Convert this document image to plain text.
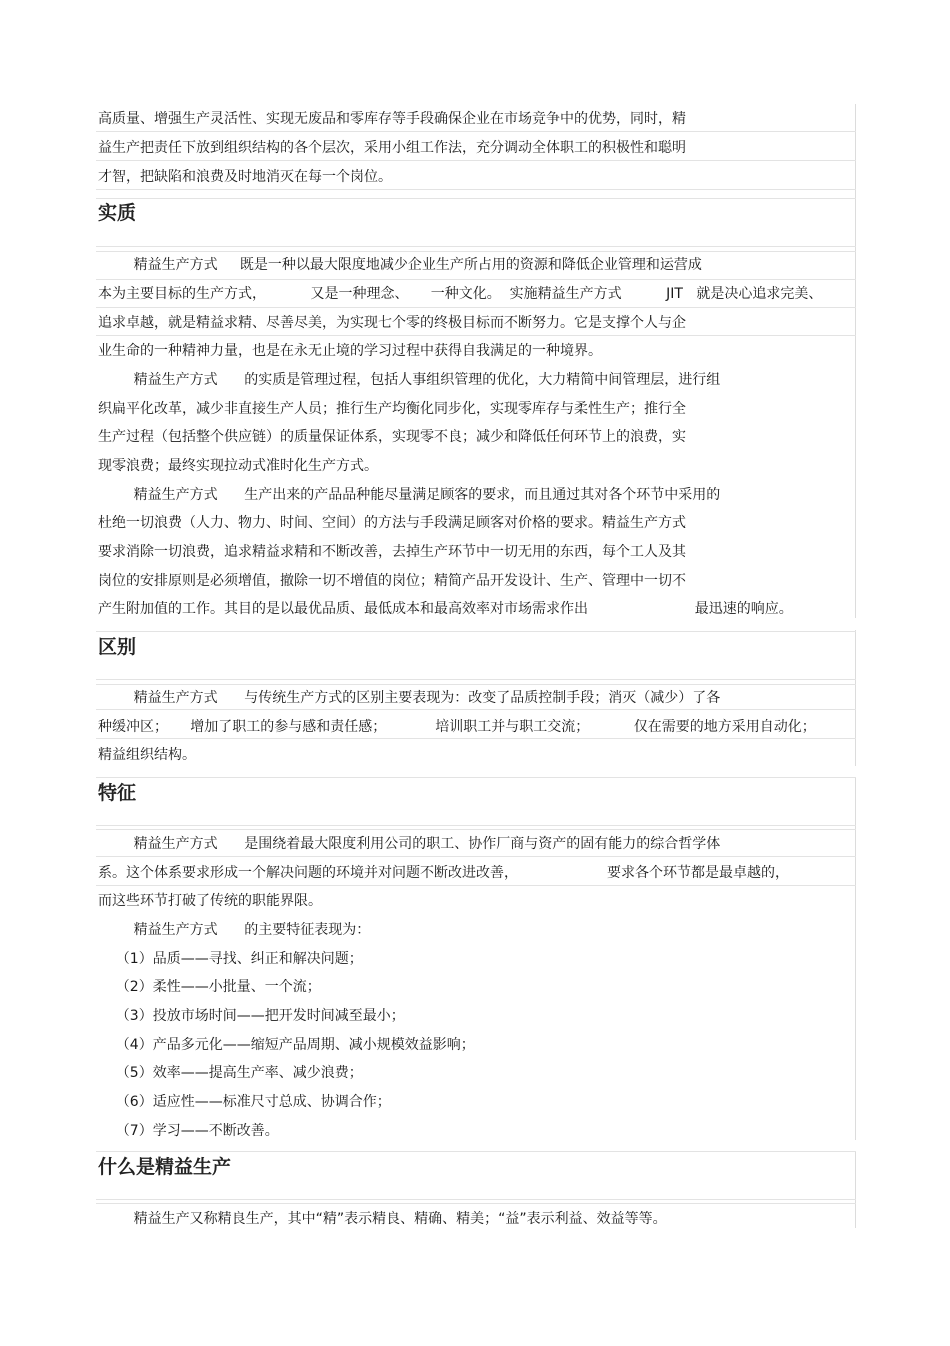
高质量、增强生产灵活性、实现无废品和零库存等手段确保企业在市场竞争中的优势，同时，精

益生产把责任下放到组织结构的各个层次，采用小组工作法，充分调动全体职工的积极性和聪明

才智，把缺陷和浪费及时地消灭在每一个岗位。

实质

精益生产方式     既是一种以最大限度地减少企业生产所占用的资源和降低企业管理和运营成

本为主要目标的生产方式，          又是一种理念、     一种文化。  实施精益生产方式          JIT   就是决心追求完美、

追求卓越，就是精益求精、尽善尽美，为实现七个零的终极目标而不断努力。它是支撑个人与企

业生命的一种精神力量，也是在永无止境的学习过程中获得自我满足的一种境界。

精益生产方式      的实质是管理过程，包括人事组织管理的优化，大力精简中间管理层，进行组

织扁平化改革，减少非直接生产人员；推行生产均衡化同步化，实现零库存与柔性生产；推行全

生产过程（包括整个供应链）的质量保证体系，实现零不良；减少和降低任何环节上的浪费，实

现零浪费；最终实现拉动式准时化生产方式。

精益生产方式      生产出来的产品品种能尽量满足顾客的要求，而且通过其对各个环节中采用的

杜绝一切浪费（人力、物力、时间、空间）的方法与手段满足顾客对价格的要求。精益生产方式

要求消除一切浪费，追求精益求精和不断改善，去掉生产环节中一切无用的东西，每个工人及其

岗位的安排原则是必须增值，撤除一切不增值的岗位；精简产品开发设计、生产、管理中一切不

产生附加值的工作。其目的是以最优品质、最低成本和最高效率对市场需求作出                        最迅速的响应。

区别

精益生产方式      与传统生产方式的区别主要表现为：改变了品质控制手段；消灭（减少）了各

种缓冲区；     增加了职工的参与感和责任感；           培训职工并与职工交流；          仅在需要的地方采用自动化；

精益组织结构。

特征

精益生产方式      是围绕着最大限度利用公司的职工、协作厂商与资产的固有能力的综合哲学体

系。这个体系要求形成一个解决问题的环境并对问题不断改进改善，                    要求各个环节都是最卓越的，

而这些环节打破了传统的职能界限。

精益生产方式      的主要特征表现为：

（1）品质——寻找、纠正和解决问题；

（2）柔性——小批量、一个流；

（3）投放市场时间——把开发时间减至最小；

（4）产品多元化——缩短产品周期、减小规模效益影响；

（5）效率——提高生产率、减少浪费；

（6）适应性——标准尺寸总成、协调合作；

（7）学习——不断改善。

什么是精益生产

精益生产又称精良生产，其中“精”表示精良、精确、精美；“益”表示利益、效益等等。
